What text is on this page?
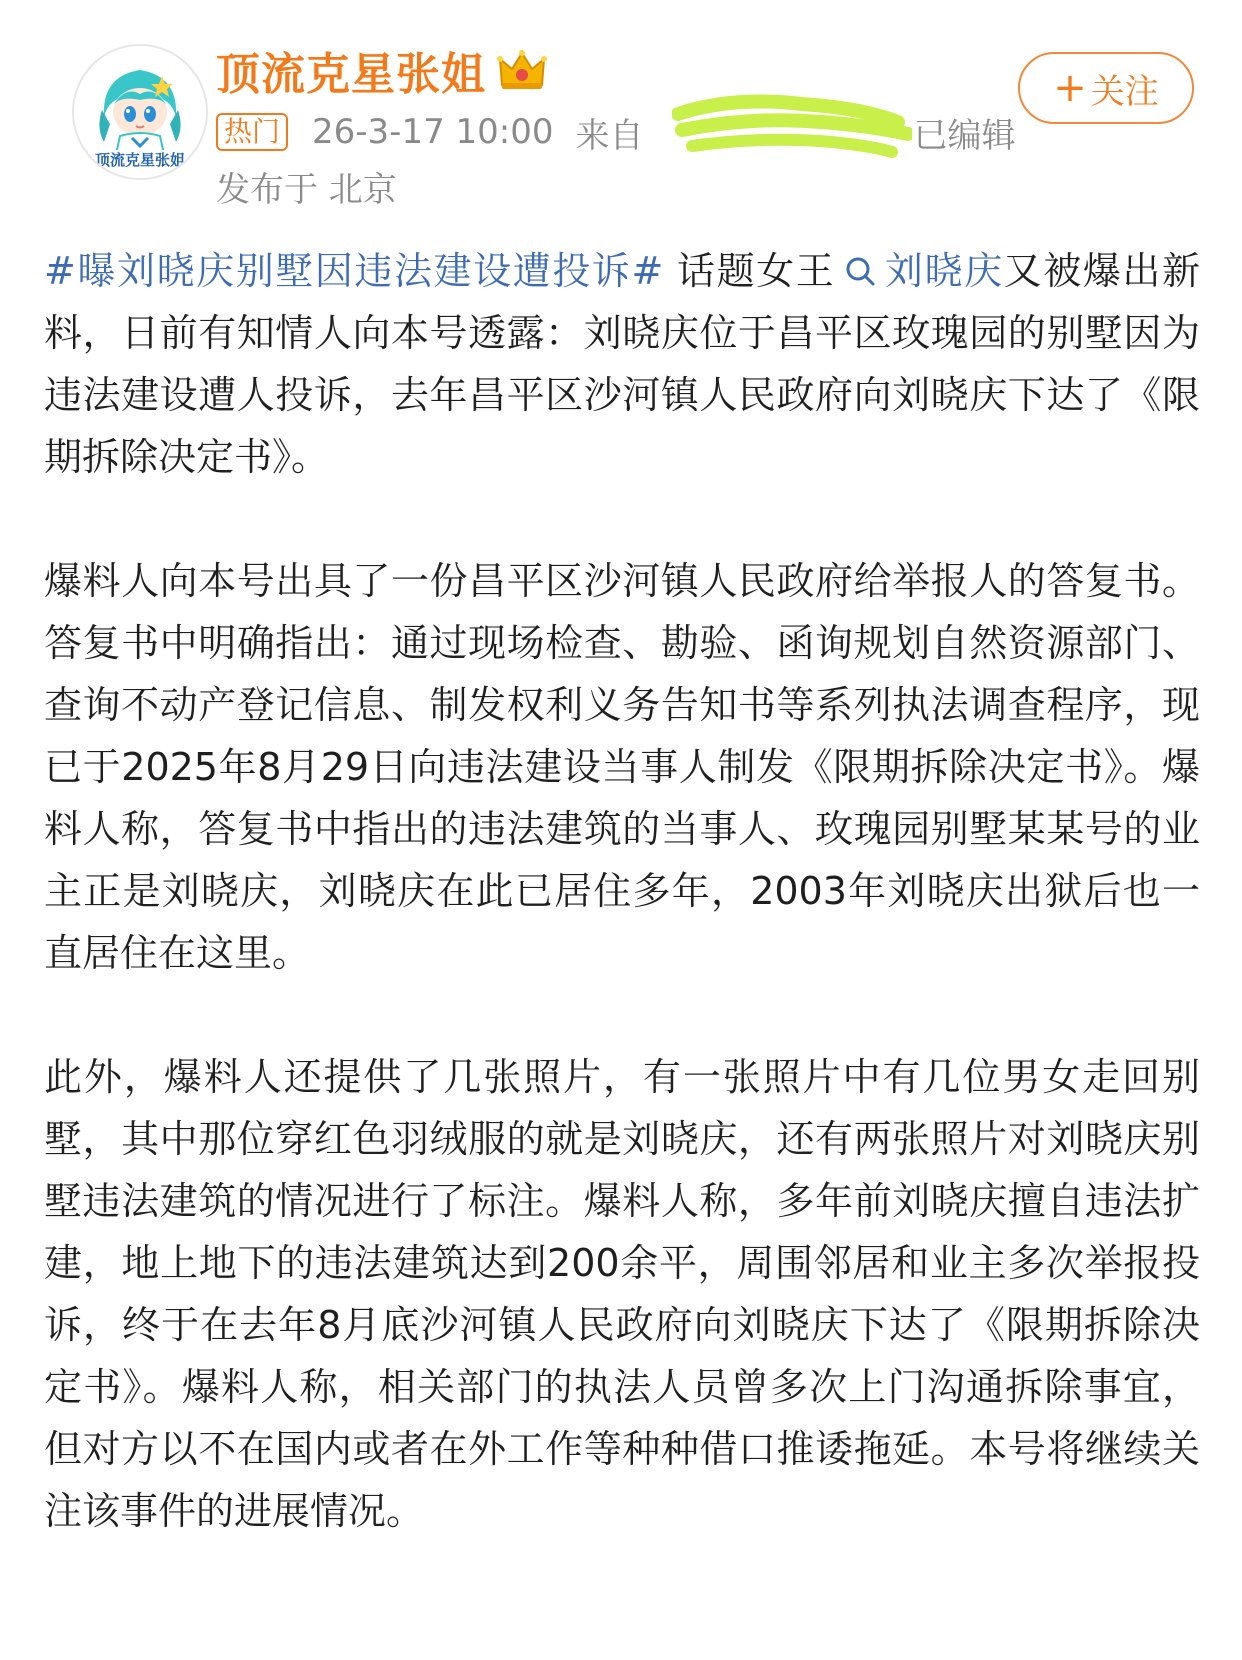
顶流克星张姐
顶流克星张姐
热门 26-3-17 10:00 来自	已编辑
发布于 北京
+ 关注

#曝刘晓庆别墅因违法建设遭投诉# 话题女王 刘晓庆又被爆出新料，日前有知情人向本号透露：刘晓庆位于昌平区玫瑰园的别墅因为违法建设遭人投诉，去年昌平区沙河镇人民政府向刘晓庆下达了《限期拆除决定书》。

爆料人向本号出具了一份昌平区沙河镇人民政府给举报人的答复书。答复书中明确指出：通过现场检查、勘验、函询规划自然资源部门、查询不动产登记信息、制发权利义务告知书等系列执法调查程序，现已于2025年8月29日向违法建设当事人制发《限期拆除决定书》。爆料人称，答复书中指出的违法建筑的当事人、玫瑰园别墅某某号的业主正是刘晓庆，刘晓庆在此已居住多年，2003年刘晓庆出狱后也一直居住在这里。

此外，爆料人还提供了几张照片，有一张照片中有几位男女走回别墅，其中那位穿红色羽绒服的就是刘晓庆，还有两张照片对刘晓庆别墅违法建筑的情况进行了标注。爆料人称，多年前刘晓庆擅自违法扩建，地上地下的违法建筑达到200余平，周围邻居和业主多次举报投诉，终于在去年8月底沙河镇人民政府向刘晓庆下达了《限期拆除决定书》。爆料人称，相关部门的执法人员曾多次上门沟通拆除事宜，但对方以不在国内或者在外工作等种种借口推诿拖延。本号将继续关注该事件的进展情况。
